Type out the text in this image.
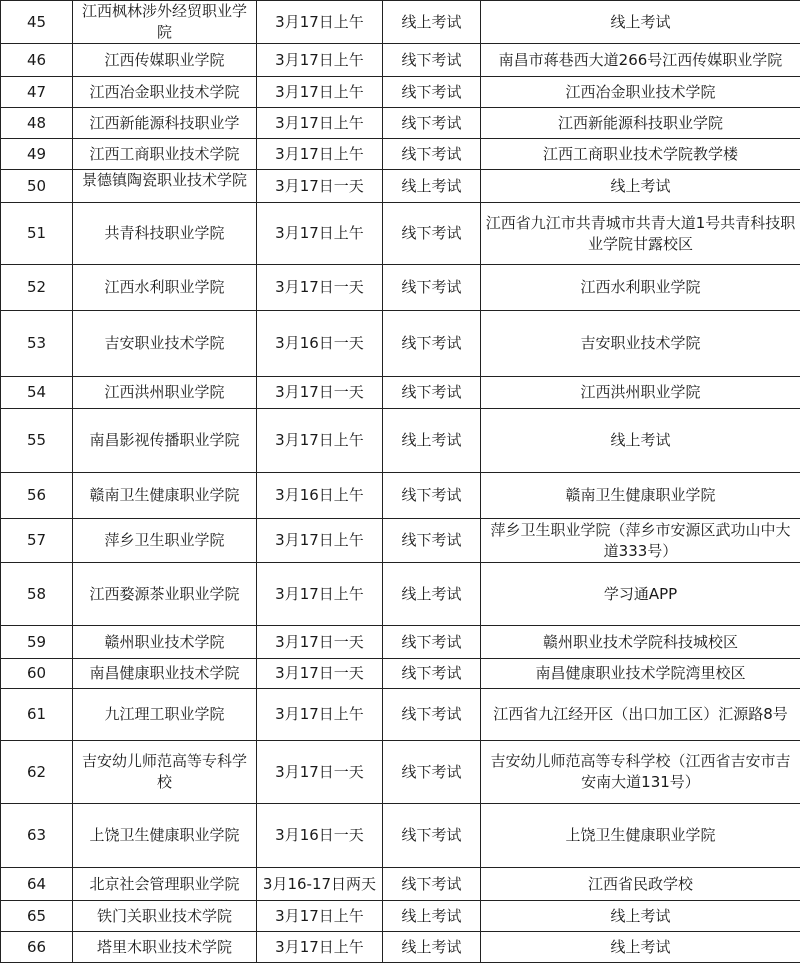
45	江西枫林涉外经贸职业学院	3月17日上午	线上考试	线上考试
46	江西传媒职业学院	3月17日上午	线下考试	南昌市蒋巷西大道266号江西传媒职业学院
47	江西冶金职业技术学院	3月17日上午	线下考试	江西冶金职业技术学院
48	江西新能源科技职业学	3月17日上午	线下考试	江西新能源科技职业学院
49	江西工商职业技术学院	3月17日上午	线下考试	江西工商职业技术学院教学楼
50	景德镇陶瓷职业技术学院	3月17日一天	线上考试	线上考试
51	共青科技职业学院	3月17日上午	线下考试	江西省九江市共青城市共青大道1号共青科技职业学院甘露校区
52	江西水利职业学院	3月17日一天	线下考试	江西水利职业学院
53	吉安职业技术学院	3月16日一天	线下考试	吉安职业技术学院
54	江西洪州职业学院	3月17日一天	线下考试	江西洪州职业学院
55	南昌影视传播职业学院	3月17日上午	线上考试	线上考试
56	赣南卫生健康职业学院	3月16日上午	线下考试	赣南卫生健康职业学院
57	萍乡卫生职业学院	3月17日上午	线下考试	萍乡卫生职业学院（萍乡市安源区武功山中大道333号）
58	江西婺源茶业职业学院	3月17日上午	线上考试	学习通APP
59	赣州职业技术学院	3月17日一天	线下考试	赣州职业技术学院科技城校区
60	南昌健康职业技术学院	3月17日一天	线下考试	南昌健康职业技术学院湾里校区
61	九江理工职业学院	3月17日上午	线下考试	江西省九江经开区（出口加工区）汇源路8号
62	吉安幼儿师范高等专科学校	3月17日一天	线下考试	吉安幼儿师范高等专科学校（江西省吉安市吉安南大道131号）
63	上饶卫生健康职业学院	3月16日一天	线下考试	上饶卫生健康职业学院
64	北京社会管理职业学院	3月16-17日两天	线下考试	江西省民政学校
65	铁门关职业技术学院	3月17日上午	线上考试	线上考试
66	塔里木职业技术学院	3月17日上午	线上考试	线上考试
